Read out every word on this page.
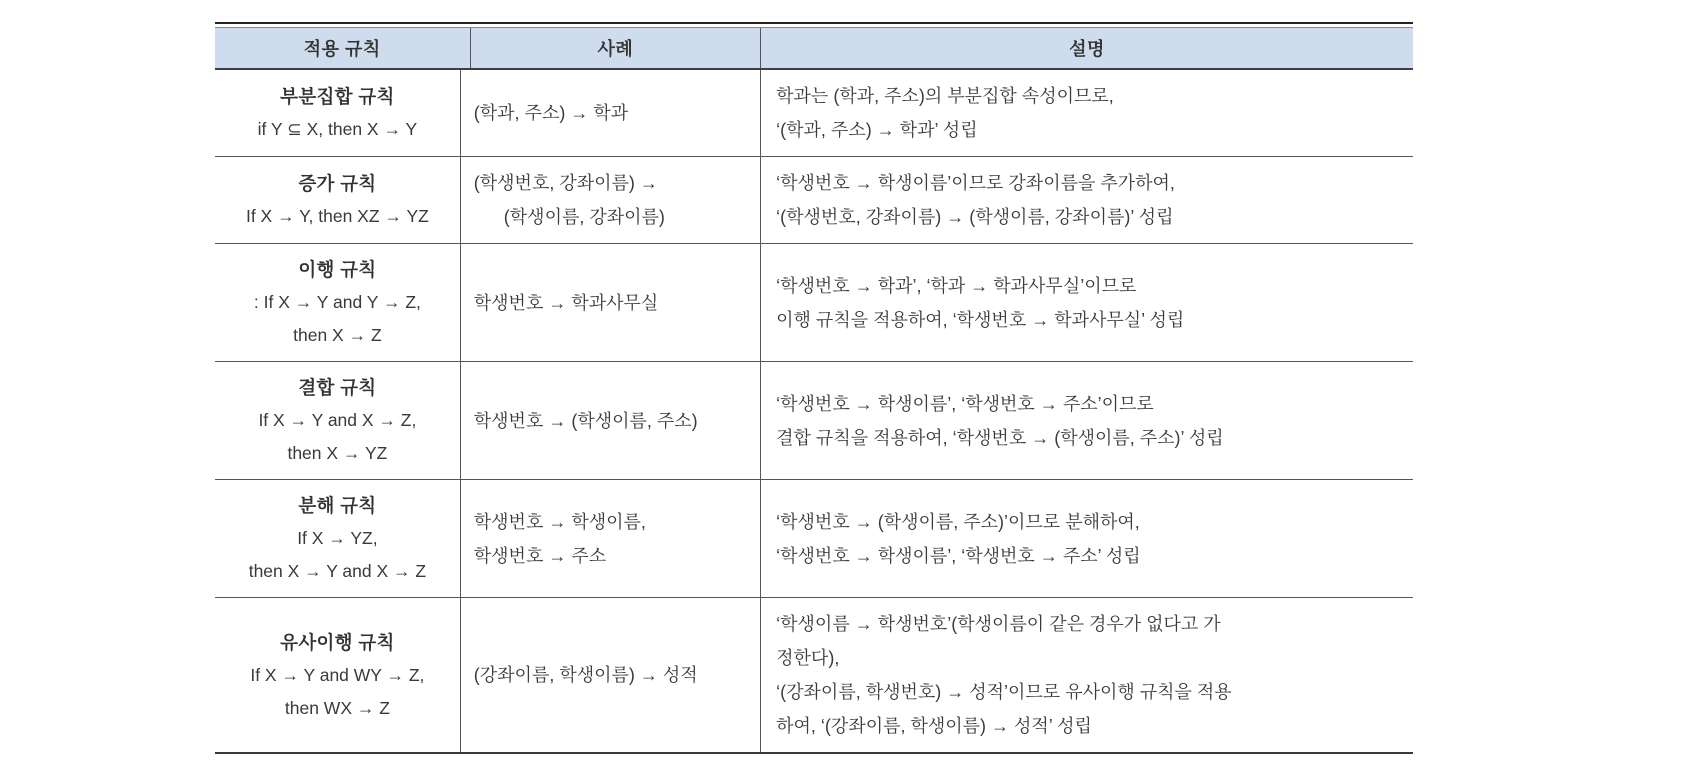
적용 규칙	사례	설명
부분집합 규칙
if Y ⊆ X, then X → Y
(학과, 주소) → 학과
학과는 (학과, 주소)의 부분집합 속성이므로,
‘(학과, 주소) → 학과’ 성립
증가 규칙
If X → Y, then XZ → YZ
(학생번호, 강좌이름) →
(학생이름, 강좌이름)
‘학생번호 → 학생이름’이므로 강좌이름을 추가하여,
‘(학생번호, 강좌이름) → (학생이름, 강좌이름)’ 성립
이행 규칙
: If X → Y and Y → Z,
then X → Z
학생번호 → 학과사무실
‘학생번호 → 학과’, ‘학과 → 학과사무실’이므로
이행 규칙을 적용하여, ‘학생번호 → 학과사무실’ 성립
결합 규칙
If X → Y and X → Z,
then X → YZ
학생번호 → (학생이름, 주소)
‘학생번호 → 학생이름’, ‘학생번호 → 주소’이므로
결합 규칙을 적용하여, ‘학생번호 → (학생이름, 주소)’ 성립
분해 규칙
If X → YZ,
then X → Y and X → Z
학생번호 → 학생이름,
학생번호 → 주소
‘학생번호 → (학생이름, 주소)’이므로 분해하여,
‘학생번호 → 학생이름’, ‘학생번호 → 주소’ 성립
유사이행 규칙
If X → Y and WY → Z,
then WX → Z
(강좌이름, 학생이름) → 성적
‘학생이름 → 학생번호’(학생이름이 같은 경우가 없다고 가
정한다),
‘(강좌이름, 학생번호) → 성적’이므로 유사이행 규칙을 적용
하여, ‘(강좌이름, 학생이름) → 성적’ 성립
